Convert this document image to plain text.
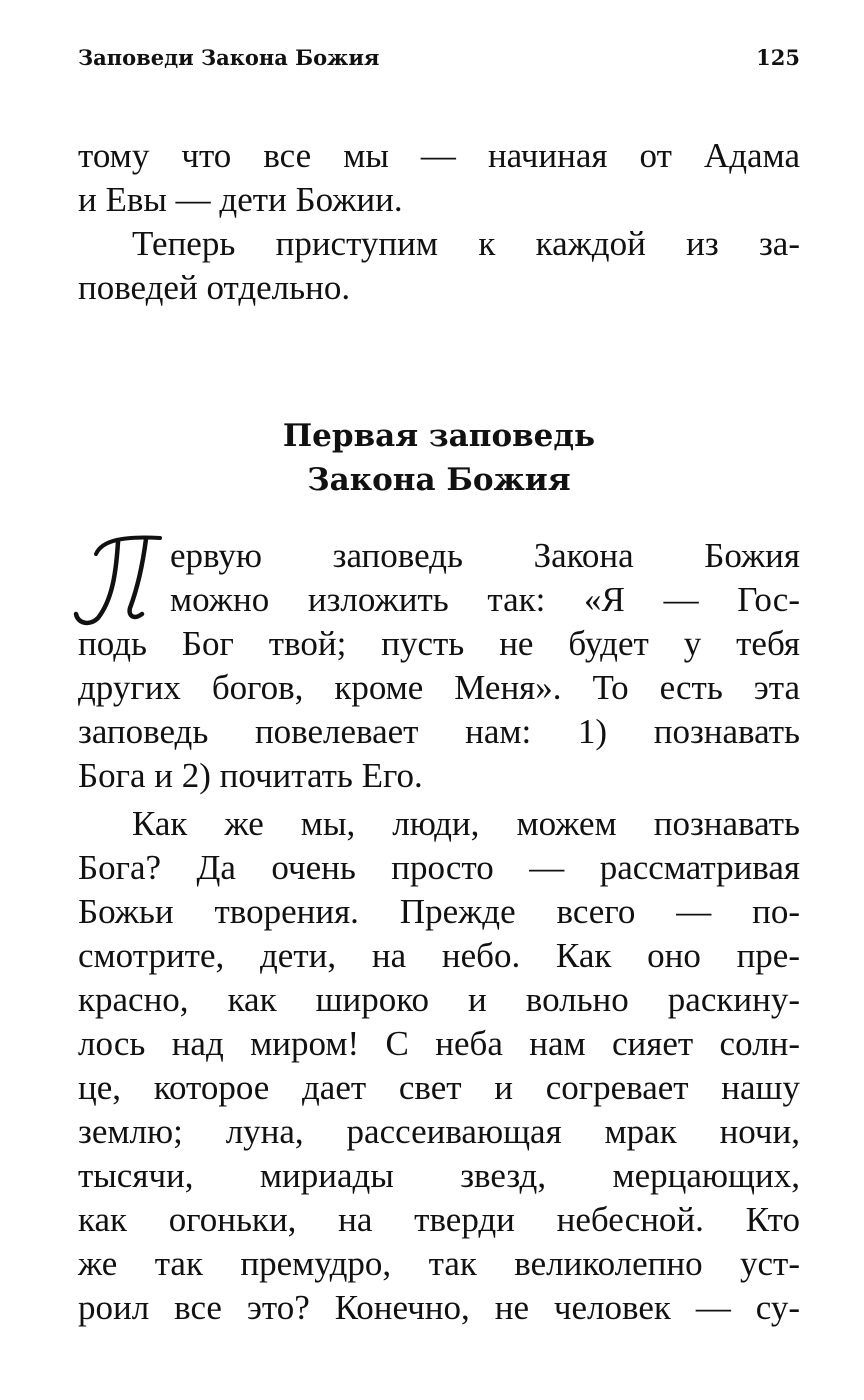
Заповеди Закона Божия	125
тому что все мы — начиная от Адама
и Евы — дети Божии.
Теперь приступим к каждой из за-
поведей отдельно.
Первая заповедь
Закона Божия
П
ервую заповедь Закона Божия
можно изложить так: «Я — Гос-
подь Бог твой; пусть не будет у тебя
других богов, кроме Меня». То есть эта
заповедь повелевает нам: 1) познавать
Бога и 2) почитать Его.
Как же мы, люди, можем познавать
Бога? Да очень просто — рассматривая
Божьи творения. Прежде всего — по-
смотрите, дети, на небо. Как оно пре-
красно, как широко и вольно раскину-
лось над миром! С неба нам сияет солн-
це, которое дает свет и согревает нашу
землю; луна, рассеивающая мрак ночи,
тысячи, мириады звезд, мерцающих,
как огоньки, на тверди небесной. Кто
же так премудро, так великолепно уст-
роил все это? Конечно, не человек — су-
